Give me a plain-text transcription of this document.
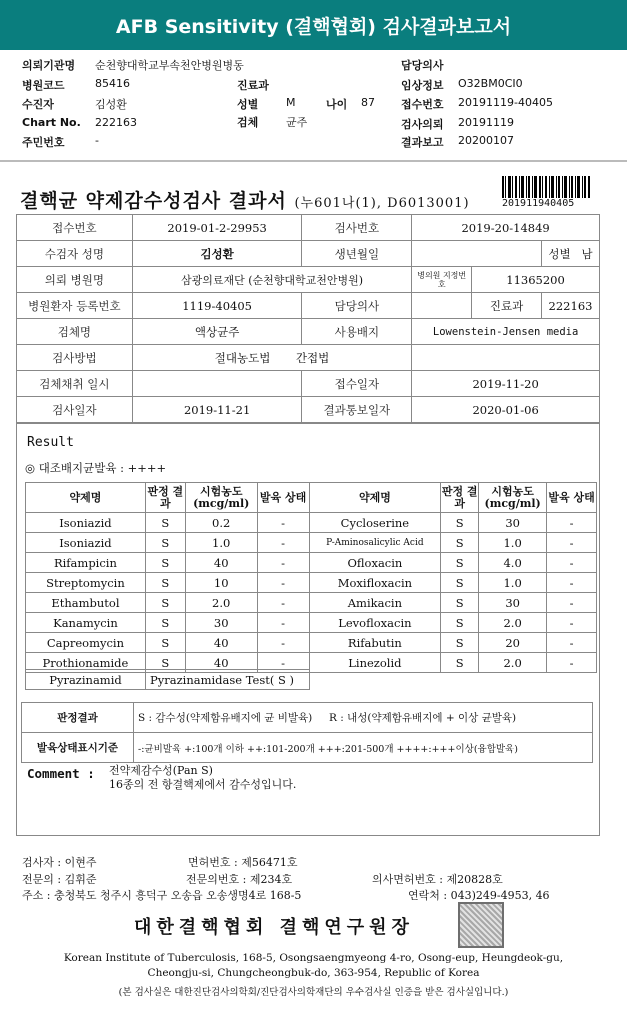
AFB Sensitivity (결핵협회) 검사결과보고서
의뢰기관명 순천향대학교부속천안병원병동
병원코드	85416	진료과
수진자	김성환	성별	M	나이 87
Chart No. 222163	검체	균주
주민번호	-
담당의사
임상정보 O32BM0CI0
접수번호 20191119-40405
검사의뢰 20191119
결과보고 20200107
결핵균 약제감수성검사 결과서 (누601나(1), D6013001)	201911940405
접수번호	2019-01-2-29953	검사번호	2019-20-14849		
수검자 성명	김성환	생년월일			성별 남
의뢰 병원명	삼광의료재단 (순천향대학교천안병원)		병의원 지정번호	11365200	
병원환자 등록번호	1119-40405	담당의사		진료과	222163
검체명	액상균주	사용배지	Lowenstein-Jensen media		
검사방법	절대농도법 간접법				
검체채취 일시		접수일자	2019-11-20		
검사일자	2019-11-21	결과통보일자	2020-01-06		
Result
◎ 대조배지균발육 : ++++
약제명	판정 결과	시험농도 (mcg/ml)	발육 상태	약제명	판정 결과	시험농도 (mcg/ml)	발육 상태
Isoniazid	S	0.2	-	Cycloserine	S	30	-
Isoniazid	S	1.0	-	P-Aminosalicylic Acid	S	1.0	-
Rifampicin	S	40	-	Ofloxacin	S	4.0	-
Streptomycin	S	10	-	Moxifloxacin	S	1.0	-
Ethambutol	S	2.0	-	Amikacin	S	30	-
Kanamycin	S	30	-	Levofloxacin	S	2.0	-
Capreomycin	S	40	-	Rifabutin	S	20	-
Prothionamide	S	40	-	Linezolid	S	2.0	-
Pyrazinamid	Pyrazinamidase Test( S )
판정결과	S : 감수성(약제함유배지에 균 비발육) R : 내성(약제함유배지에 + 이상 균발육)
발육상태표시기준	-:균비발육 +:100개 이하 ++:101-200개 +++:201-500개 ++++:+++이상(융합발육)
Comment : 전약제감수성(Pan S)
16종의 전 항결핵제에서 감수성입니다.
검사자 : 이현주	면허번호 : 제56471호
전문의 : 김휘준	전문의번호 : 제234호	의사면허번호 : 제20828호
주소 : 충청북도 청주시 흥덕구 오송읍 오송생명4로 168-5	연락처 : 043)249-4953, 46
대한결핵협회 결핵연구원장
Korean Institute of Tuberculosis, 168-5, Osongsaengmyeong 4-ro, Osong-eup, Heungdeok-gu,
Cheongju-si, Chungcheongbuk-do, 363-954, Republic of Korea
(본 검사실은 대한진단검사의학회/진단검사의학재단의 우수검사실 인증을 받은 검사실입니다.)
